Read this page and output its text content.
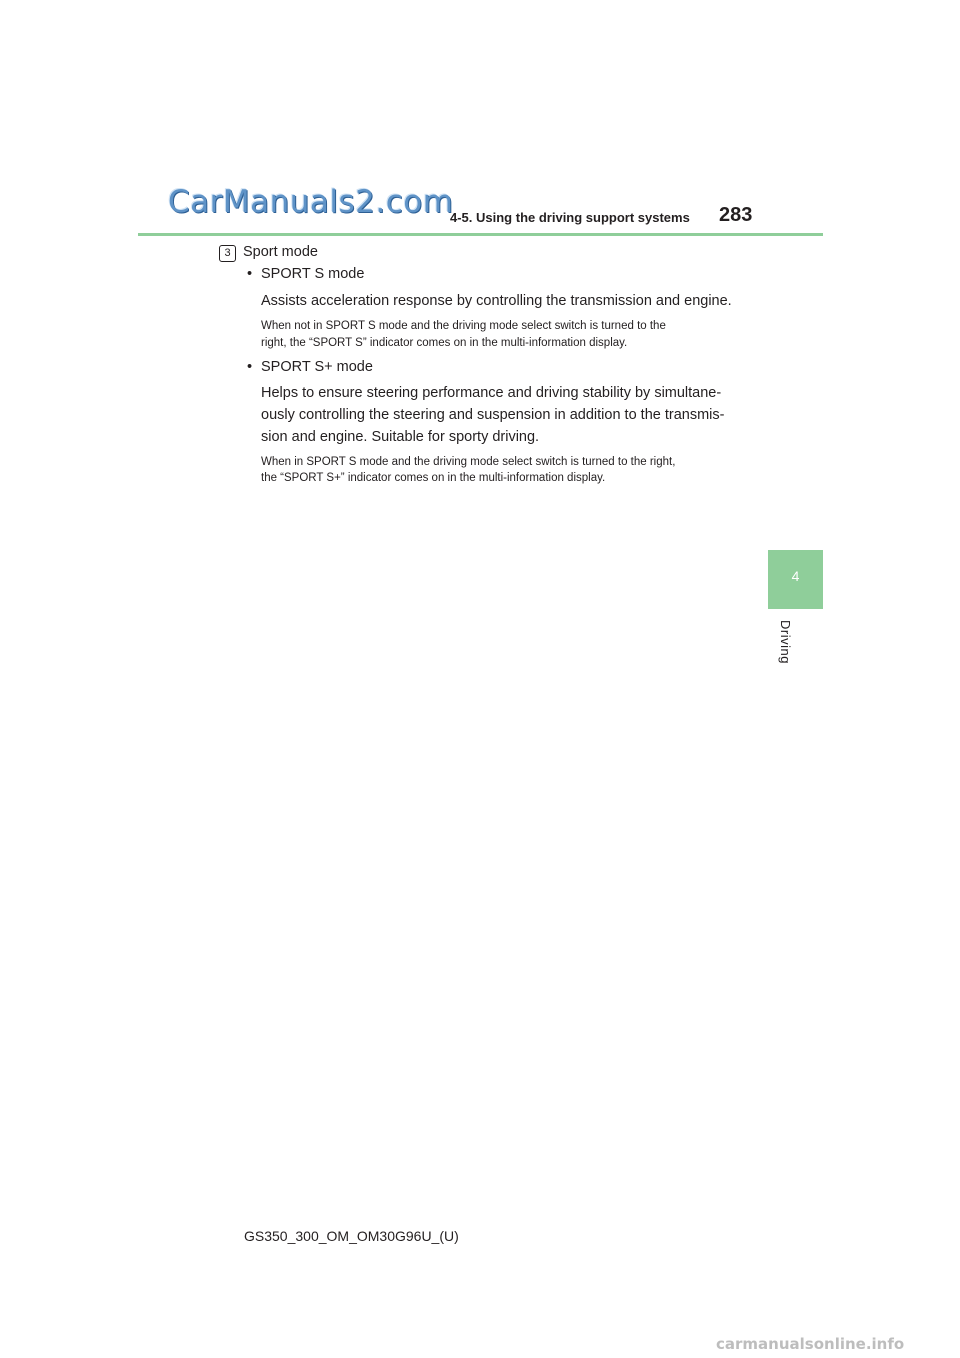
CarManuals2.com
4-5. Using the driving support systems 283
4
Driving
3 Sport mode
• SPORT S mode
Assists acceleration response by controlling the transmission and engine.
When not in SPORT S mode and the driving mode select switch is turned to the
right, the “SPORT S” indicator comes on in the multi-information display.
• SPORT S+ mode
Helps to ensure steering performance and driving stability by simultane-
ously controlling the steering and suspension in addition to the transmis-
sion and engine. Suitable for sporty driving.
When in SPORT S mode and the driving mode select switch is turned to the right,
the “SPORT S+” indicator comes on in the multi-information display.
GS350_300_OM_OM30G96U_(U)
carmanualsonline.info
